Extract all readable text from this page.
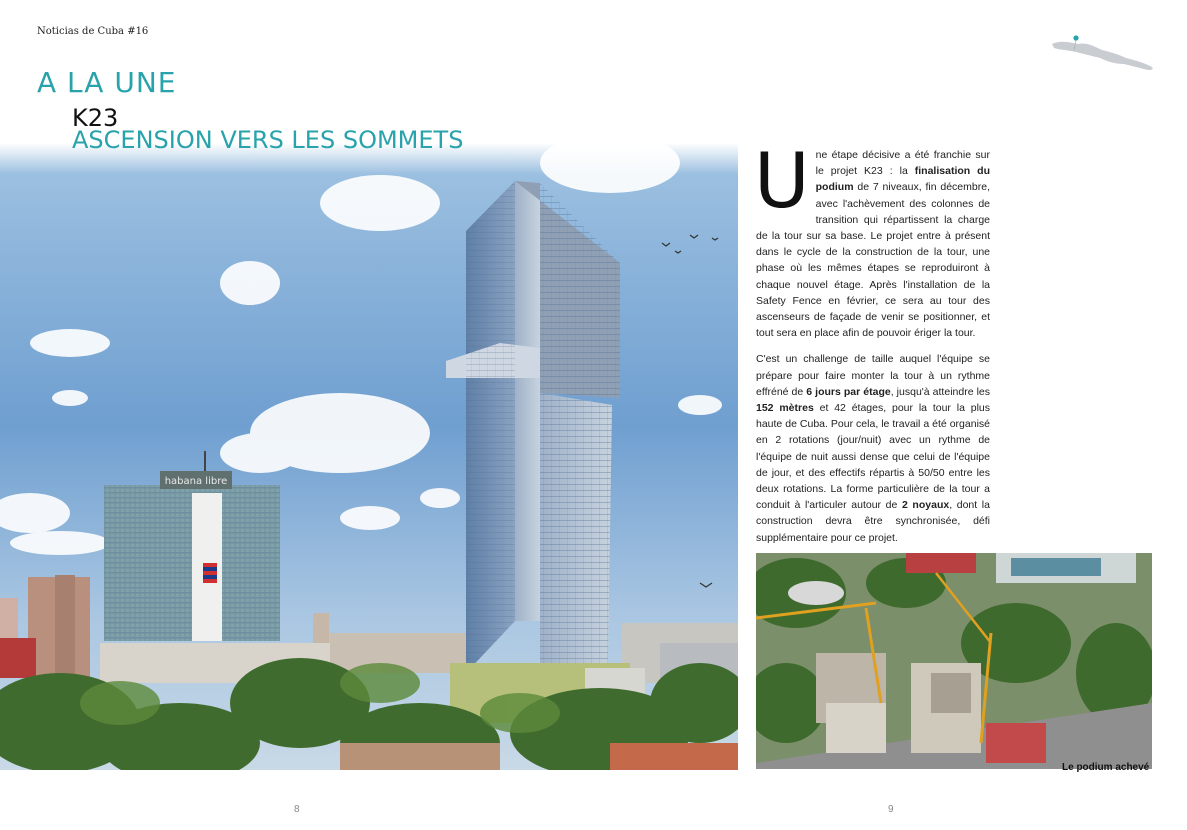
Noticias de Cuba #16
A LA UNE
K23
ASCENSION VERS LES SOMMETS
habana libre

Une étape décisive a été franchie sur le projet K23 : la finalisation du podium de 7 niveaux, fin décembre, avec l'achèvement des colonnes de transition qui répartissent la charge de la tour sur sa base. Le projet entre à présent dans le cycle de la construction de la tour, une phase où les mêmes étapes se reproduiront à chaque nouvel étage. Après l'installation de la Safety Fence en février, ce sera au tour des ascenseurs de façade de venir se positionner, et tout sera en place afin de pouvoir ériger la tour.

C'est un challenge de taille auquel l'équipe se prépare pour faire monter la tour à un rythme effréné de 6 jours par étage, jusqu'à atteindre les 152 mètres et 42 étages, pour la tour la plus haute de Cuba. Pour cela, le travail a été organisé en 2 rotations (jour/nuit) avec un rythme de l'équipe de nuit aussi dense que celui de l'équipe de jour, et des effectifs répartis à 50/50 entre les deux rotations. La forme particulière de la tour a conduit à l'articuler autour de 2 noyaux, dont la construction devra être synchronisée, défi supplémentaire pour ce projet.

Le podium achevé
8	9
